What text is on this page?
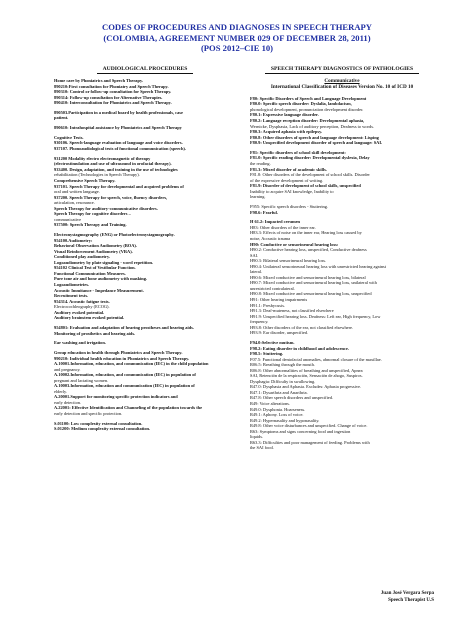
CODES OF PROCEDURES AND DIAGNOSES IN SPEECH THERAPY
(COLOMBIA, AGREEMENT NUMBER 029 OF DECEMBER 28, 2011)
(POS 2012–CIE 10)
AUDIOLOGICAL PROCEDURES
Home care by Phoniatrics and Speech Therapy.
890210:First consultation for Phoniatry and Speech Therapy.
890310: Control or follow-up consultation for Speech Therapy.
890314: Follow-up consultation for Alternative Therapies.
890410: Interconsultation for Phoniatrics and Speech Therapy.
890503.Participation in a medical board by health professionals, case
patient.
890610: Intrahospital assistance by Phoniatrics and Speech Therapy
Cognitive Tests.
930106. Speech-language evaluation of language and voice disorders.
937107. Phonoaudiological tests of functional communication (speech).
931200 Modality electro electromagnetic of therapy
(electrostimulation and use of ultrasound in orofacial therapy).
933400. Design, adaptation, and training in the use of technologies
rehabilitation (Technologies in Speech Therapy).
Comprehensive Speech Therapy.
937101. Speech Therapy for developmental and acquired problems of
oral and written language.
937200. Speech Therapy for speech, voice, fluency disorders,
articulation, resonance.
Speech Therapy for auditory-communicative disorders.
Speech Therapy for cognitive disorders –
communicative
937500: Speech Therapy and Training.
Electronystagmography (ENG) or Photoelectronystagmography.
954100.Audiometry:
Behavioral Observation Audiometry (BOA).
Visual Reinforcement Audiometry (VRA).
Conditioned play audiometry.
Logoaudiometry by plate signaling - word repetition.
954102 Clinical Test of Vestibular Function.
Functional Communication Measures.
Pure tone air and bone audiometry with masking.
Logoaudiometries.
Acoustic Immitance - Impedance Measurement.
Recruitment tests.
954314. Acoustic fatigue tests.
Electrocochleography (ECOG).
Auditory evoked potential.
Auditory brainstem evoked potential.
954801: Evaluation and adaptation of hearing prostheses and hearing aids.
Monitoring of prosthetics and hearing aids.
Ear washing and irrigation.
Group education in health through Phoniatrics and Speech Therapy.
990210: Individual health education in Phoniatrics and Speech Therapy.
A.10001.Information, education, and communication (IEC) in the child population
and pregnancy.
A.10002.Information, education, and communication (IEC) in population of
pregnant and lactating women.
A.10003.Information, education and communication (IEC) in population of
elderly.
A.20001.Support for monitoring specific protection indicators and
early detection.
A.22001: Effective Identification and Channeling of the population towards the
early detection and specific protection.
S.01100: Low complexity external consultation.
S.01200: Medium complexity external consultation.
SPEECH THERAPY DIAGNOSTICS OF PATHOLOGIES
Communicative
International Classification of Diseases Version No. 10 of ICD 10
F80: Specific Disorders of Speech and Language Development
F80.0: Specific speech disorder: Dyslalia, lambdacism,
phonological development, pronunciation development disorder.
F80.1: Expressive language disorder.
F80.2: Language reception disorder: Developmental aphasia,
Wernicke, Dysphasia, Lack of auditory perception, Deafness to words.
F80.3: Acquired aphasia with epilepsy.
F80.8: Other disorders of speech and language development: Lisping
F80.9: Unspecified development disorder of speech and language: SAI.
F81: Specific disorders of school skill development:
F81.0: Specific reading disorder: Developmental dyslexia, Delay
the reading.
F81.3: Mixed disorder of academic skills.
F81.8: Other disorders of the development of school skills. Disorder
of the expressive development of writing.
F81.9: Disorder of development of school skills, unspecified
Inability to acquire SAI knowledge, Inability to
learning.
F955: Specific speech disorders - Stuttering.
F98.6: Fearful.
H 61.2: Impacted cerumen
H83: Other disorders of the inner ear.
H83.3: Effects of noise on the inner ear, Hearing loss caused by
noise, Acoustic trauma
H90: Conductive or sensorineural hearing loss:
H90.2: Conductive hearing loss, unspecified, Conductive deafness
SAI.
H90.3: Bilateral sensorineural hearing loss.
H90.4: Unilateral sensorineural hearing loss with unrestricted hearing against
lateral.
H90.6: Mixed conductive and sensorineural hearing loss, bilateral
H90.7: Mixed conductive and sensorineural hearing loss, unilateral with
unrestricted contralateral.
H90.8: Mixed conductive and sensorineural hearing loss, unspecified
H91: Other hearing impairments
H91.1: Presbycusis.
H91.3: Deaf-muteness, not classified elsewhere
H91.9: Unspecified hearing loss. Deafness: Left ear, High frequency, Low
frequency.
H93.8: Other disorders of the ear, not classified elsewhere.
H93.9: Ear disorder, unspecified.
F94.0:Selective mutism.
F98.2: Eating disorder in childhood and adolescence.
F98.5: Stuttering.
F07.5: Functional dentofacial anomalies, abnormal closure of the maxillae.
R06.5: Breathing through the mouth.
R06.8: Other abnormalities of breathing and unspecified, Apnea
SAI, Retención de la respiración, Sensación de ahogo, Suspiros.
Dysphagia: Difficulty in swallowing.
R47.0: Dysphasia and Aphasia. Excludes: Aphasia progressive.
R47.1: Dysarthria and Anarthria.
R47.8: Other speech disorders and unspecified.
R49: Voice alterations.
R49.0: Dysphonia. Hoarseness.
R49.1: Aphony. Loss of voice.
R49.2: Hypernasality and hyponasality.
R49.8: Other voice disturbances and unspecified. Change of voice.
R63: Symptoms and signs concerning food and ingestion
liquids.
R63.3: Difficulties and poor management of feeding. Problems with
the SAI food.
Juan José Vergara Serpa
Speech Therapist U.S
